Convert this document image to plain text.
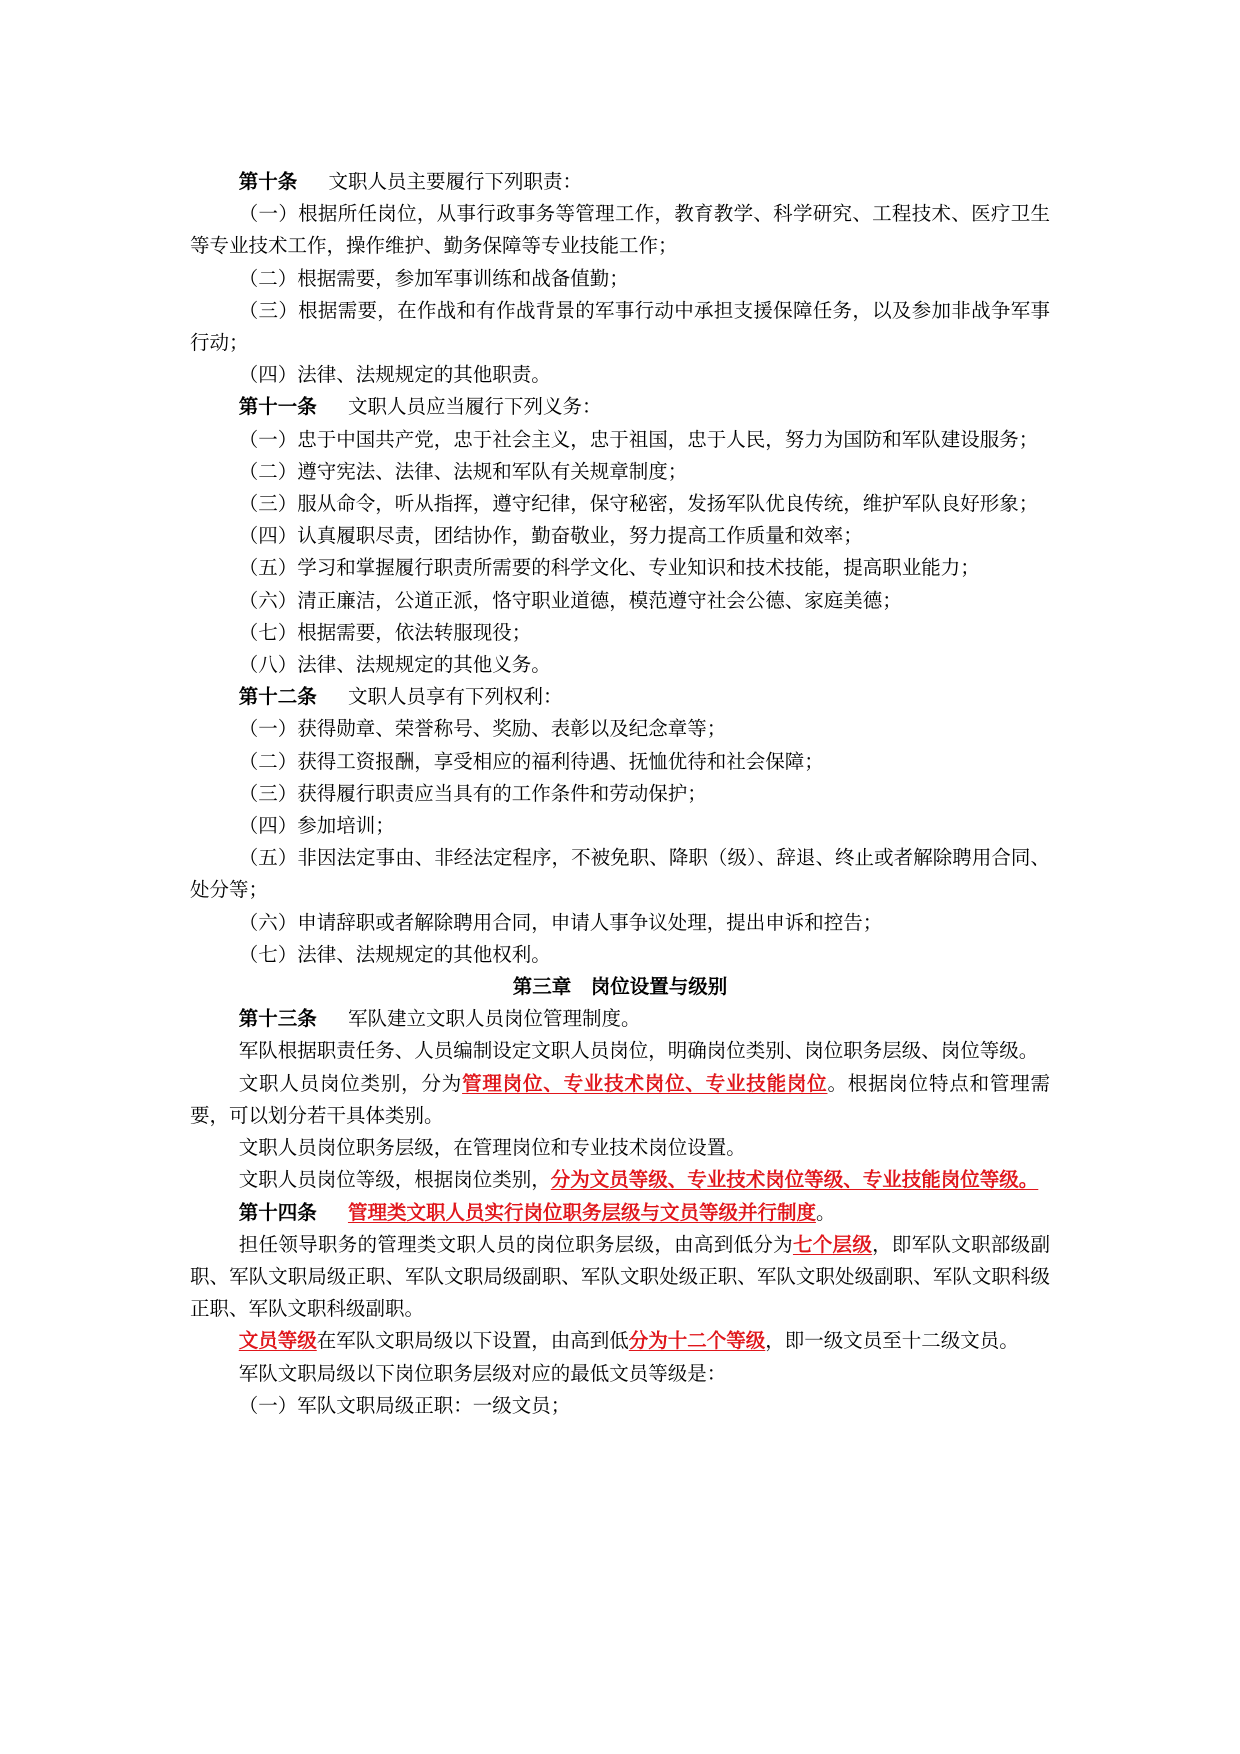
第十条 文职人员主要履行下列职责：

（一）根据所任岗位，从事行政事务等管理工作，教育教学、科学研究、工程技术、医疗卫生等专业技术工作，操作维护、勤务保障等专业技能工作；

（二）根据需要，参加军事训练和战备值勤；

（三）根据需要，在作战和有作战背景的军事行动中承担支援保障任务，以及参加非战争军事行动；

（四）法律、法规规定的其他职责。

第十一条 文职人员应当履行下列义务：

（一）忠于中国共产党，忠于社会主义，忠于祖国，忠于人民，努力为国防和军队建设服务；

（二）遵守宪法、法律、法规和军队有关规章制度；

（三）服从命令，听从指挥，遵守纪律，保守秘密，发扬军队优良传统，维护军队良好形象；

（四）认真履职尽责，团结协作，勤奋敬业，努力提高工作质量和效率；

（五）学习和掌握履行职责所需要的科学文化、专业知识和技术技能，提高职业能力；

（六）清正廉洁，公道正派，恪守职业道德，模范遵守社会公德、家庭美德；

（七）根据需要，依法转服现役；

（八）法律、法规规定的其他义务。

第十二条 文职人员享有下列权利：

（一）获得勋章、荣誉称号、奖励、表彰以及纪念章等；

（二）获得工资报酬，享受相应的福利待遇、抚恤优待和社会保障；

（三）获得履行职责应当具有的工作条件和劳动保护；

（四）参加培训；

（五）非因法定事由、非经法定程序，不被免职、降职（级）、辞退、终止或者解除聘用合同、处分等；

（六）申请辞职或者解除聘用合同，申请人事争议处理，提出申诉和控告；

（七）法律、法规规定的其他权利。

第三章　岗位设置与级别

第十三条 军队建立文职人员岗位管理制度。

军队根据职责任务、人员编制设定文职人员岗位，明确岗位类别、岗位职务层级、岗位等级。

文职人员岗位类别，分为管理岗位、专业技术岗位、专业技能岗位。根据岗位特点和管理需要，可以划分若干具体类别。

文职人员岗位职务层级，在管理岗位和专业技术岗位设置。

文职人员岗位等级，根据岗位类别，分为文员等级、专业技术岗位等级、专业技能岗位等级。

第十四条 管理类文职人员实行岗位职务层级与文员等级并行制度。

担任领导职务的管理类文职人员的岗位职务层级，由高到低分为七个层级，即军队文职部级副职、军队文职局级正职、军队文职局级副职、军队文职处级正职、军队文职处级副职、军队文职科级正职、军队文职科级副职。

文员等级在军队文职局级以下设置，由高到低分为十二个等级，即一级文员至十二级文员。

军队文职局级以下岗位职务层级对应的最低文员等级是：

（一）军队文职局级正职：一级文员；
